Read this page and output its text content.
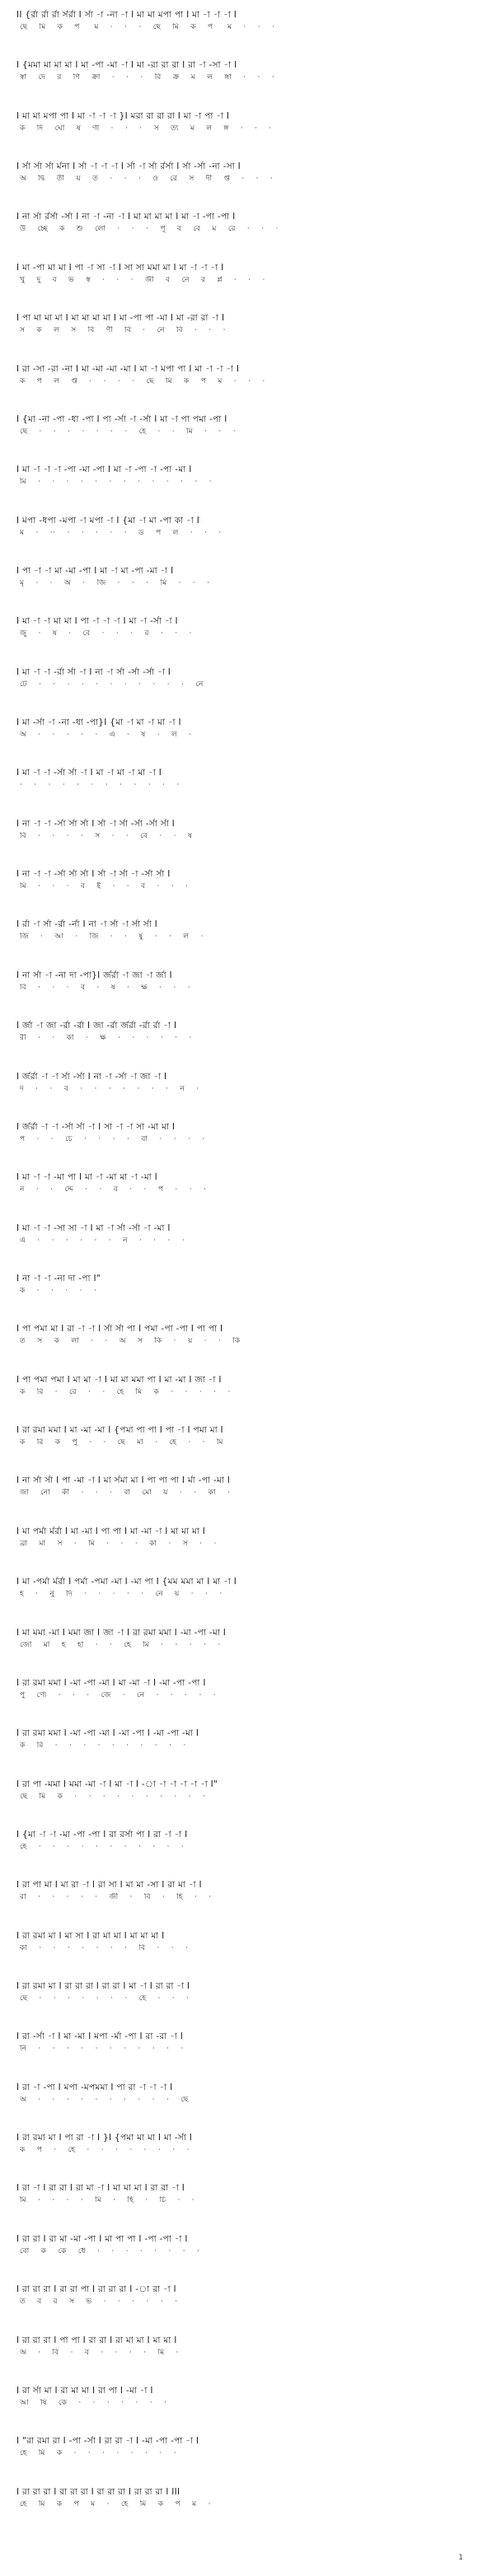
II {র্রা র্রা র্রা র্সর্রা I র্সা -া -না -া I মা মা মপা পা I মা -া -া -া I
ছে    মি    ক    প     ম    ·    ·    ·    ছে    মি    ক    প     ম    ·    ·    ·
I {মমা মা মা মা I মা -পা -মা -া I মা -রা রা রা I রা -া -সা -া I
স্বা    দে    র    ণি    ক্রা    ·    ·    ·    বি    ক্র    ম    ল    ঙ্গা    ·    ·    ·
I মা মা মপা পা I মা -া -া -া }I মরা রা রা রা I মা -া পা -া I
ক    দি    ঘো    ষ    ণা    ·    ·    ·    স    ত্য    ম    ল    ঙ্গ    ·    ·    ·
I র্সা র্সা র্সা র্মনা I র্সা -া -া -া I র্সা -া র্সা র্রর্সা I র্সা -র্সা -না -সা I
অ    দ্বি    তী    য়    ত    ·    ·    ·    ও    রে    স    দী    প্ত    ·    ·    ·
I না র্সা র্রর্সা -র্সা I না -া -না -া I মা মা মা মা I মা -া -পা -পা I
উ    চ্ছে    ক    শু    লো    ·    ·    ·    পূ    ব    বে    ম    রে    ·    ·    ·
I মা -পা মা মা I পা -া সা -া I সা সা মমা মা I মা -া -া -া I
খু    দু    ব    ভ    স্ব    ·    ·    ·    জী    ব    নে    র    প্ল    ·    ·    ·
I পা মা মা মা I মা মা মা মা I মা -পা পা -মা I মা -রা রা -া I
স    ক    ল    স    বি    ণী    বি    ·    নে    বি    ·    ·    ·
I রা -সা -রা -না I মা -মা -মা -মা I মা -া মপা পা I মা -া -া -া I
ক    প    ল    প্ত    ·    ·    ·    ·    ছে    মি    ক    প    ম    ·    ·    ·
I {মা -না -পা -ধা -পা I পা -র্সা -া -র্সা I মা -া পা পমা -পা I
ছে    ·    ·    ·    ·    ·    ·    ·    হে    ·    ·    মি    ·    ·    ·
I মা -া -া -া -পা -মা -পা I মা -া -পা -া -পা -মা I
মি    ·    ·    ·    ·    ·    ·    ·    ·    ·    ·    ·    ·    ·
I মপা -ধপা -মপা -া মপা -া I {মা -া মা -পা কা -া I
ম    ·    ··    ·    ·    ·    ·    ·    ড    প    ল    ·    ·    ·
I পা -া -া মা -মা -পা I মা -া মা -পা -মা -া I
মৃ    ·    ·    অ    ·    জি    ·    ·    ·    মি    ·    ·    ·
I মা -া -া মা মা I পা -া -া -া I মা -া -র্সা -া I
জু    ·    ষ    ·    বে    ·    ·    ·    র    ·    ·    ·
I মা -া -া -র্রা র্সা -া I না -া র্সা -র্সা -র্সা -া I
টে    ·    ·    ·    ·    ·    ·    ·    ·    ·    ·    ·    নে
I মা -র্সা -া -না -ধা -পা}I {মা -া মা -া মা -া I
অ    ·    ·    ·    ·    ·    এ    ·    ষ    ·    ল    ·
I মা -া -া -র্সা র্সা -া I মা -া মা -া মা -া I
·    ·    ·    ·    ·    ·    ·    ·    ·    ·    ·    ·
I না -া -া -র্সা র্সা র্সা I র্সা -া র্সা -র্সা -র্সা র্সা I
বি    ·    ·    ·    ·    স    ·    ·    বে    ·    ·    ষ
I না -া -া -র্সা র্সা র্সা I র্সা -া র্সা -া -র্সা র্সা I
মি    ·    ·    ·    ব    ই    ·    ·    ব    ·    ·    ·
I র্রা -া র্সা -র্রা -র্না I না -া র্সা -া র্সা র্সা I
জি    ·    আ    ·    জি    ·    ·    ষু    ·    ·    ল    ·
I না র্সা -া -না দা -পা}I র্জর্রা -া জা -া র্জা I
বি    ·    ·    ·    ব    ·    ষ    ·    ক্ষ    ·    ·    ·
I র্জা -া জা -র্রা -র্রা I জা -র্রা র্জর্রা -র্রা র্রা -া I
রী    ·    ·    কা    ·    ক্ষ    ·    ·    ·    ·    ·    ·
I র্জর্রা -া -া র্সা -র্সা I না -া -র্সা -া জা -া I
দ    ·    ·    ব    ·    ·    ·    ·    ·    ·    ·    ন    ·
I র্জর্রা -া -া -র্সা র্সা -া I সা -া -া সা -মা মা I
প    ·    ·    চে    ·    ·    ·    ·    বা    ·    ·    ·    ·
I মা -া -া -মা পা I মা -া -মা মা -া -মা I
ন    ·    ·    দ্দে    ·    ·    ব    ·    ·    প    ·    ·    ·
I মা -া -া -সা সা -া I মা -া র্সা -র্সা -া -মা I
এ    ·    ·    ·    ·    ·    ·    ন    ·    ·    ·    ·
I না -া -া -না দা -পা I"
ক    ·    ·    ·    ·    ·
I পা পমা মা I রা -া -া I র্সা র্সা পা I পমা -পা -পা I পা পা I
ত    স    ক    লা    ·    ·    অ    স    কি    ·    য়    ·    ·    কি
I পা পমা পমা I মা মা -া I মা মা মমা পা I মা -মা I জা -া I
ক    রি    ·    রে    ·    ·    হে    মি    ক    ·    ·    ·    ·    ·
I রা রমা মমা I মা -মা -মা I {পমা পা পা I পা -া I পমা মা I
ক    রি    ক    পু    ·    ·    ছে    মা    ·    হে    ·    ·    মি
I না র্সা র্সা I পা -মা -া I মা র্সমা মা I পা পা পা I র্মা -পা -মা I
জা    নো    কী    ·    ·    ·    বা    মো    য়    ·    ·    কা    ·
I মা পর্মা র্মর্রা I মা -মা I পা পা I মা -মা -া I মা মা মা I
ব্রা    মা    স    ·    মি    ·    ·    ·    কা    ·    স    ·    ·
I মা -পর্মা র্মর্রা I পর্মা -পমা -মা I -মা পা I {মম মমা মা I মা -া I
হ    ·    নু    দি    ·    ·    ·    ·    ·    নে    য়    ·    ·    ·
I মা মমা -মা I মমা জা I জা -া I রা রমা মমা I -মা -পা -মা I
জো    মা    হ    হা    ·    ·    হে    মি    ·    ·    ·    ·    ·
I রা রমা মমা I -মা -পা -মা I মা -মা -া I -মা -পা -পা I
পু    ণ্যে    ·    ·    ·    জে    ·    নে    ·    ·    ·    ·    ·
I রা রমা মমা I -মা -পা -মা I -মা -পা I -মা -পা -মা I
ক    রি    ·    ·    ·    ·    ·    ·    ·    ·    ·    ·
I রা পা -মমা I মমা -মা -া I মা -া I -া -া -া -া -া -া I"
ছে    মি    ক    ·    ·    ·    ·    ·    ·    ·    ·    ·    ·
I {মা -া -া -মা -পা -পা I রা রর্সা পা I রা -া -া I
হে    ·    ·    ·    ·    ·    ·    ·    ·    ·    ·    ·
I রা পা মা I মা রা -া I রা সা I মা মা -সা I রা মা -া I
রা    ·    ·    ·    ·    ·    জী    ·    বি    ·    হি    ·    ·
I রা রমা মা I মা সা I রা মা মা I মা মা মা I
কা    ·    ·    ·    ·    ·    ·    ·    বি    ·    ·    ·
I রা রমা মা I রা রা রা I রা রা I মা -া I রা রা -া I
ছে    ·    ·    ·    ·    ·    ·    ·    হে    ·    ·    ·
I রা -র্সা -া I মা -মা I মপা -র্মা -পা I রা -রা -া I
নি    ·    ·    ·    ·    ·    ·    ·    ·    ·    ·    ·
I রা -া -পা I মপা -মপমমা I পা রা -া -া -া I
অ    ·    ·    ·    ·    ·    ·    ·    ·    ·    ·    ছে
I রা রমা মা I পা রা -া I }I {পমা মা মা I মা -র্সা I
ক    প    ·    হে    ·    ·    ·    ·    ·    ·    ·    ·
I রা -া I রা রা I রা মা -া I মা মা মা I রা রা -া I
মি    ·    ·    ·    ·    মি    ·    হি    ·    চি    ·    ·
I রা রা I রা মা -মা -পা I মা পা পা I -পা -পা -া I
বো    ক    কে    ধে    ·    ·    ·    ·    ·    ·    ·    ·
I রা রা রা I রা রা পা I রা রা রা I -া রা -া I
ত    ব    র    স    ভ    ·    ·    ·    ·    ·    ·
I রা রা রা I পা পা I রা রা I রা মা মা I মা মা I
অ    ·    বি    ·    ব    ·    ·    ·    ·    মি    ·
I রা র্সা মা I রা মা মা I রা পা I -মা -া I
আ    ষি    কে    ·    ·    ·    ·    ·    ·    ·
I "রা রমা রা I -পা -র্সা I রা রা -া I -মা -পা -পা -া I
হে    মি    ক    ·    ·    ·    ·    ·    ·    ·    ·
I রা রা রা I রা রা রা I রা রা রা I রা রা রা I III
হে    মি    ক    প    ম    ·    হে    মি    ক    প    ম    ·
1
